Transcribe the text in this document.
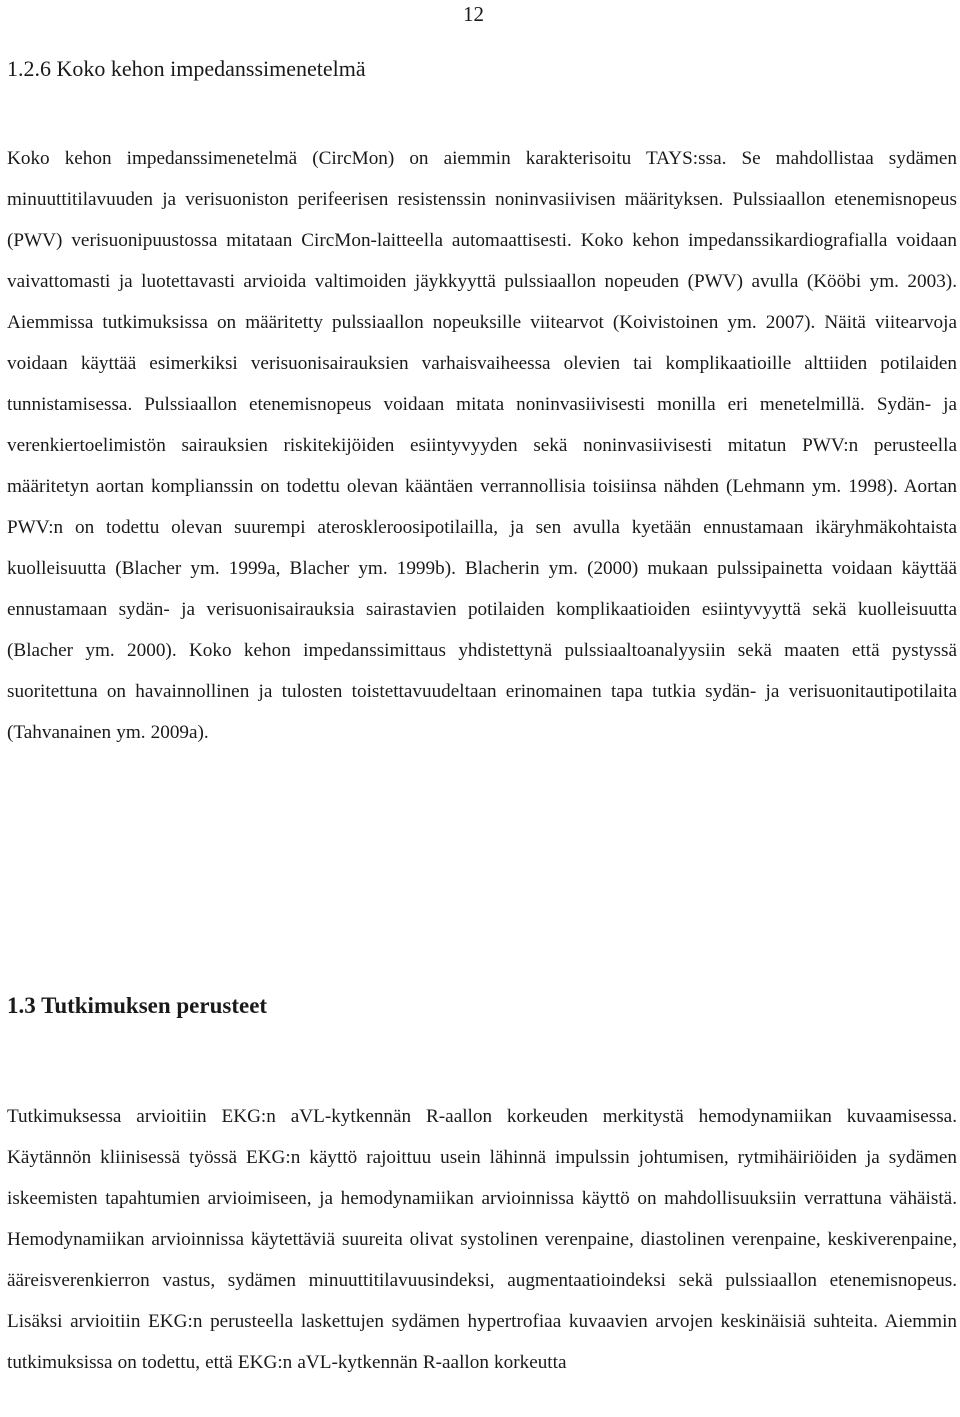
12
1.2.6 Koko kehon impedanssimenetelmä

Koko kehon impedanssimenetelmä (CircMon) on aiemmin karakterisoitu TAYS:ssa. Se mahdollistaa sydämen minuuttitilavuuden ja verisuoniston perifeerisen resistenssin noninvasiivisen määrityksen. Pulssiaallon etenemisnopeus (PWV) verisuonipuustossa mitataan CircMon-laitteella automaattisesti. Koko kehon impedanssikardiografialla voidaan vaivattomasti ja luotettavasti arvioida valtimoiden jäykkyyttä pulssiaallon nopeuden (PWV) avulla (Kööbi ym. 2003). Aiemmissa tutkimuksissa on määritetty pulssiaallon nopeuksille viitearvot (Koivistoinen ym. 2007). Näitä viitearvoja voidaan käyttää esimerkiksi verisuonisairauksien varhaisvaiheessa olevien tai komplikaatioille alttiiden potilaiden tunnistamisessa. Pulssiaallon etenemisnopeus voidaan mitata noninvasiivisesti monilla eri menetelmillä. Sydän- ja verenkiertoelimistön sairauksien riskitekijöiden esiintyvyyden sekä noninvasiivisesti mitatun PWV:n perusteella määritetyn aortan komplianssin on todettu olevan kääntäen verrannollisia toisiinsa nähden (Lehmann ym. 1998). Aortan PWV:n on todettu olevan suurempi ateroskleroosipotilailla, ja sen avulla kyetään ennustamaan ikäryhmäkohtaista kuolleisuutta (Blacher ym. 1999a, Blacher ym. 1999b). Blacherin ym. (2000) mukaan pulssipainetta voidaan käyttää ennustamaan sydän- ja verisuonisairauksia sairastavien potilaiden komplikaatioiden esiintyvyyttä sekä kuolleisuutta (Blacher ym. 2000). Koko kehon impedanssimittaus yhdistettynä pulssiaaltoanalyysiin sekä maaten että pystyssä suoritettuna on havainnollinen ja tulosten toistettavuudeltaan erinomainen tapa tutkia sydän- ja verisuonitautipotilaita (Tahvanainen ym. 2009a).

1.3 Tutkimuksen perusteet

Tutkimuksessa arvioitiin EKG:n aVL-kytkennän R-aallon korkeuden merkitystä hemodynamiikan kuvaamisessa. Käytännön kliinisessä työssä EKG:n käyttö rajoittuu usein lähinnä impulssin johtumisen, rytmihäiriöiden ja sydämen iskeemisten tapahtumien arvioimiseen, ja hemodynamiikan arvioinnissa käyttö on mahdollisuuksiin verrattuna vähäistä. Hemodynamiikan arvioinnissa käytettäviä suureita olivat systolinen verenpaine, diastolinen verenpaine, keskiverenpaine, ääreisverenkierron vastus, sydämen minuuttitilavuusindeksi, augmentaatioindeksi sekä pulssiaallon etenemisnopeus. Lisäksi arvioitiin EKG:n perusteella laskettujen sydämen hypertrofiaa kuvaavien arvojen keskinäisiä suhteita. Aiemmin tutkimuksissa on todettu, että EKG:n aVL-kytkennän R-aallon korkeutta
